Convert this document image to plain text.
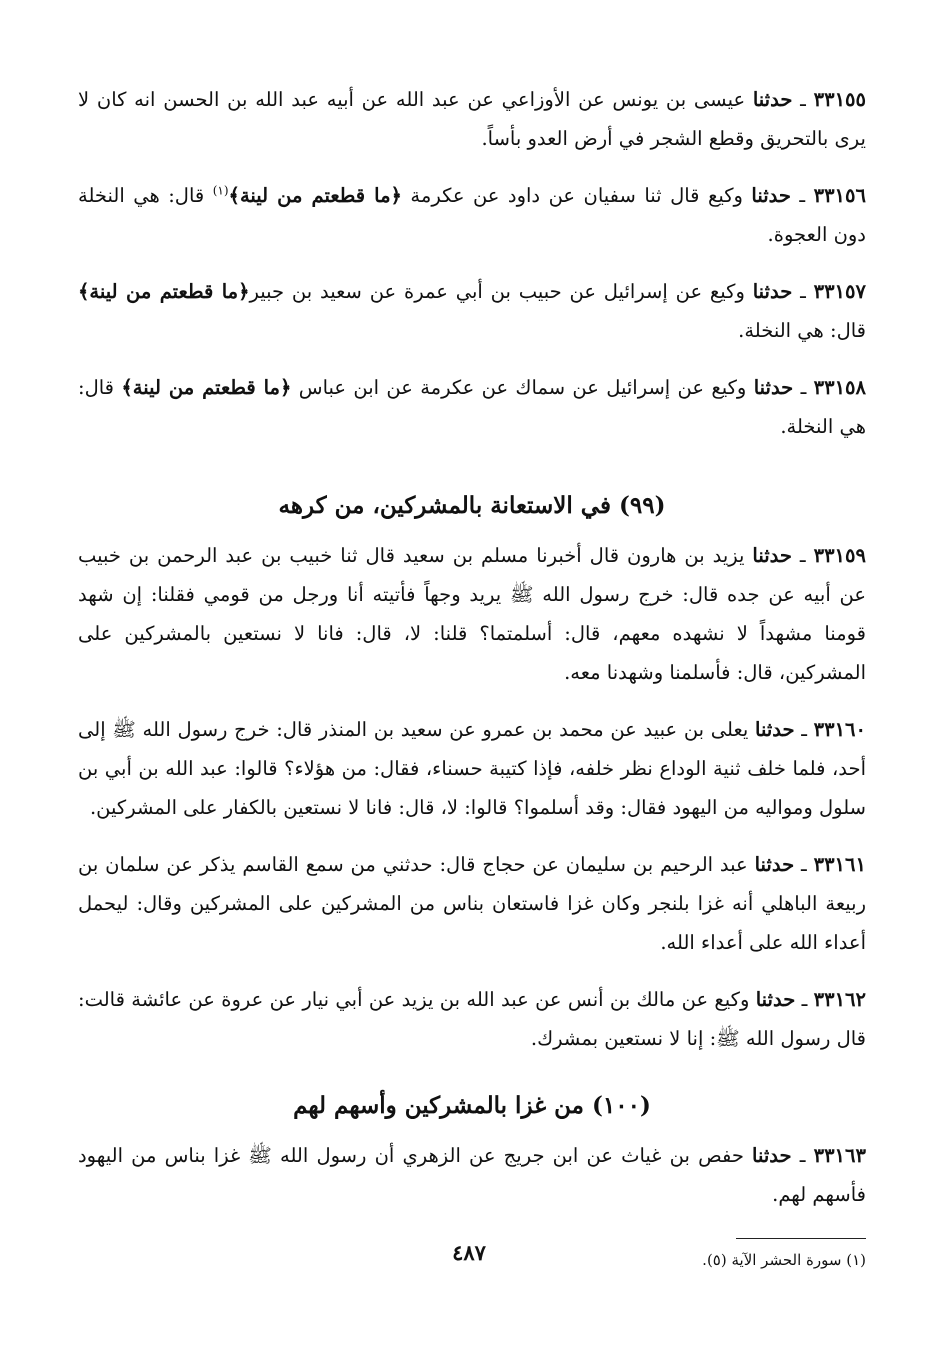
٣٣١٥٥ ـ حدثنا عيسى بن يونس عن الأوزاعي عن عبد الله عن أبيه عبد الله بن الحسن انه كان لا يرى بالتحريق وقطع الشجر في أرض العدو بأساً.

٣٣١٥٦ ـ حدثنا وكيع قال ثنا سفيان عن داود عن عكرمة ﴿ما قطعتم من لينة﴾$^{(١)}$ قال: هي النخلة دون العجوة.

٣٣١٥٧ ـ حدثنا وكيع عن إسرائيل عن حبيب بن أبي عمرة عن سعيد بن جبير﴿ما قطعتم من لينة﴾ قال: هي النخلة.

٣٣١٥٨ ـ حدثنا وكيع عن إسرائيل عن سماك عن عكرمة عن ابن عباس ﴿ما قطعتم من لينة﴾ قال: هي النخلة.

(٩٩) في الاستعانة بالمشركين، من كرهه

٣٣١٥٩ ـ حدثنا يزيد بن هارون قال أخبرنا مسلم بن سعيد قال ثنا خبيب بن عبد الرحمن بن خبيب عن أبيه عن جده قال: خرج رسول الله ﷺ يريد وجهاً فأتيته أنا ورجل من قومي فقلنا: إن شهد قومنا مشهداً لا نشهده معهم، قال: أسلمتما؟ قلنا: لا، قال: فانا لا نستعين بالمشركين على المشركين، قال: فأسلمنا وشهدنا معه.

٣٣١٦٠ ـ حدثنا يعلى بن عبيد عن محمد بن عمرو عن سعيد بن المنذر قال: خرج رسول الله ﷺ إلى أحد، فلما خلف ثنية الوداع نظر خلفه، فإذا كتيبة حسناء، فقال: من هؤلاء؟ قالوا: عبد الله بن أبي بن سلول ومواليه من اليهود فقال: وقد أسلموا؟ قالوا: لا، قال: فانا لا نستعين بالكفار على المشركين.

٣٣١٦١ ـ حدثنا عبد الرحيم بن سليمان عن حجاج قال: حدثني من سمع القاسم يذكر عن سلمان بن ربيعة الباهلي أنه غزا بلنجر وكان غزا فاستعان بناس من المشركين على المشركين وقال: ليحمل أعداء الله على أعداء الله.

٣٣١٦٢ ـ حدثنا وكيع عن مالك بن أنس عن عبد الله بن يزيد عن أبي نيار عن عروة عن عائشة قالت: قال رسول الله ﷺ: إنا لا نستعين بمشرك.

(١٠٠) من غزا بالمشركين وأسهم لهم

٣٣١٦٣ ـ حدثنا حفص بن غياث عن ابن جريج عن الزهري أن رسول الله ﷺ غزا بناس من اليهود فأسهم لهم.

(١) سورة الحشر الآية (٥).

٤٨٧
